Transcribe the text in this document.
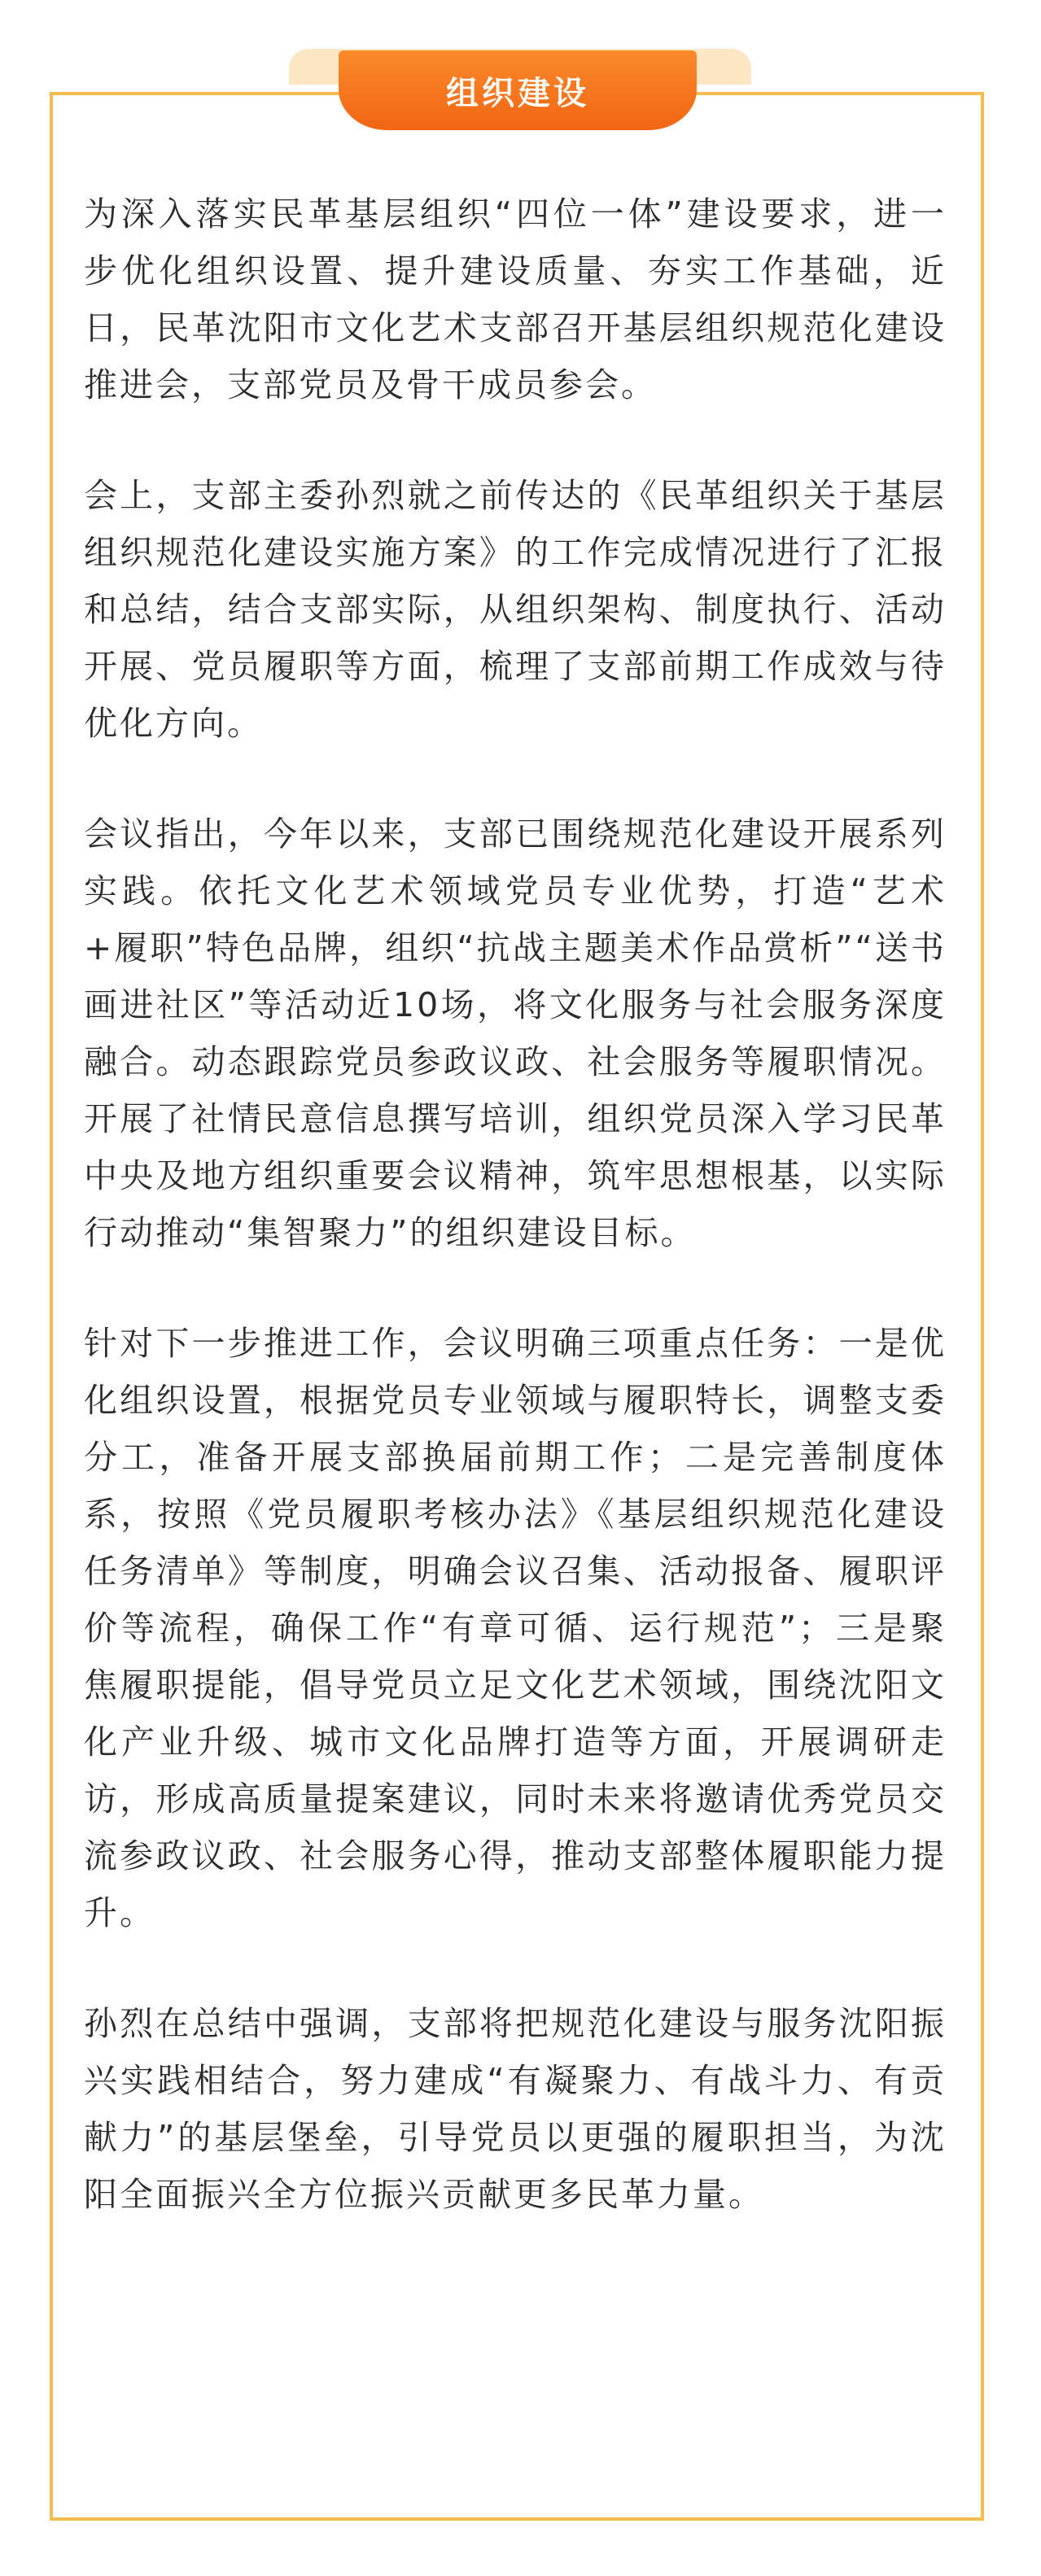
组织建设

为深入落实民革基层组织“四位一体”建设要求，进一步优化组织设置、提升建设质量、夯实工作基础，近日，民革沈阳市文化艺术支部召开基层组织规范化建设推进会，支部党员及骨干成员参会。

会上，支部主委孙烈就之前传达的《民革组织关于基层组织规范化建设实施方案》的工作完成情况进行了汇报和总结，结合支部实际，从组织架构、制度执行、活动开展、党员履职等方面，梳理了支部前期工作成效与待优化方向。

会议指出，今年以来，支部已围绕规范化建设开展系列实践。依托文化艺术领域党员专业优势，打造“艺术+履职”特色品牌，组织“抗战主题美术作品赏析”“送书画进社区”等活动近10场，将文化服务与社会服务深度融合。动态跟踪党员参政议政、社会服务等履职情况。开展了社情民意信息撰写培训，组织党员深入学习民革中央及地方组织重要会议精神，筑牢思想根基，以实际行动推动“集智聚力”的组织建设目标。

针对下一步推进工作，会议明确三项重点任务：一是优化组织设置，根据党员专业领域与履职特长，调整支委分工，准备开展支部换届前期工作；二是完善制度体系，按照《党员履职考核办法》《基层组织规范化建设任务清单》等制度，明确会议召集、活动报备、履职评价等流程，确保工作“有章可循、运行规范”；三是聚焦履职提能，倡导党员立足文化艺术领域，围绕沈阳文化产业升级、城市文化品牌打造等方面，开展调研走访，形成高质量提案建议，同时未来将邀请优秀党员交流参政议政、社会服务心得，推动支部整体履职能力提升。

孙烈在总结中强调，支部将把规范化建设与服务沈阳振兴实践相结合，努力建成“有凝聚力、有战斗力、有贡献力”的基层堡垒，引导党员以更强的履职担当，为沈阳全面振兴全方位振兴贡献更多民革力量。
